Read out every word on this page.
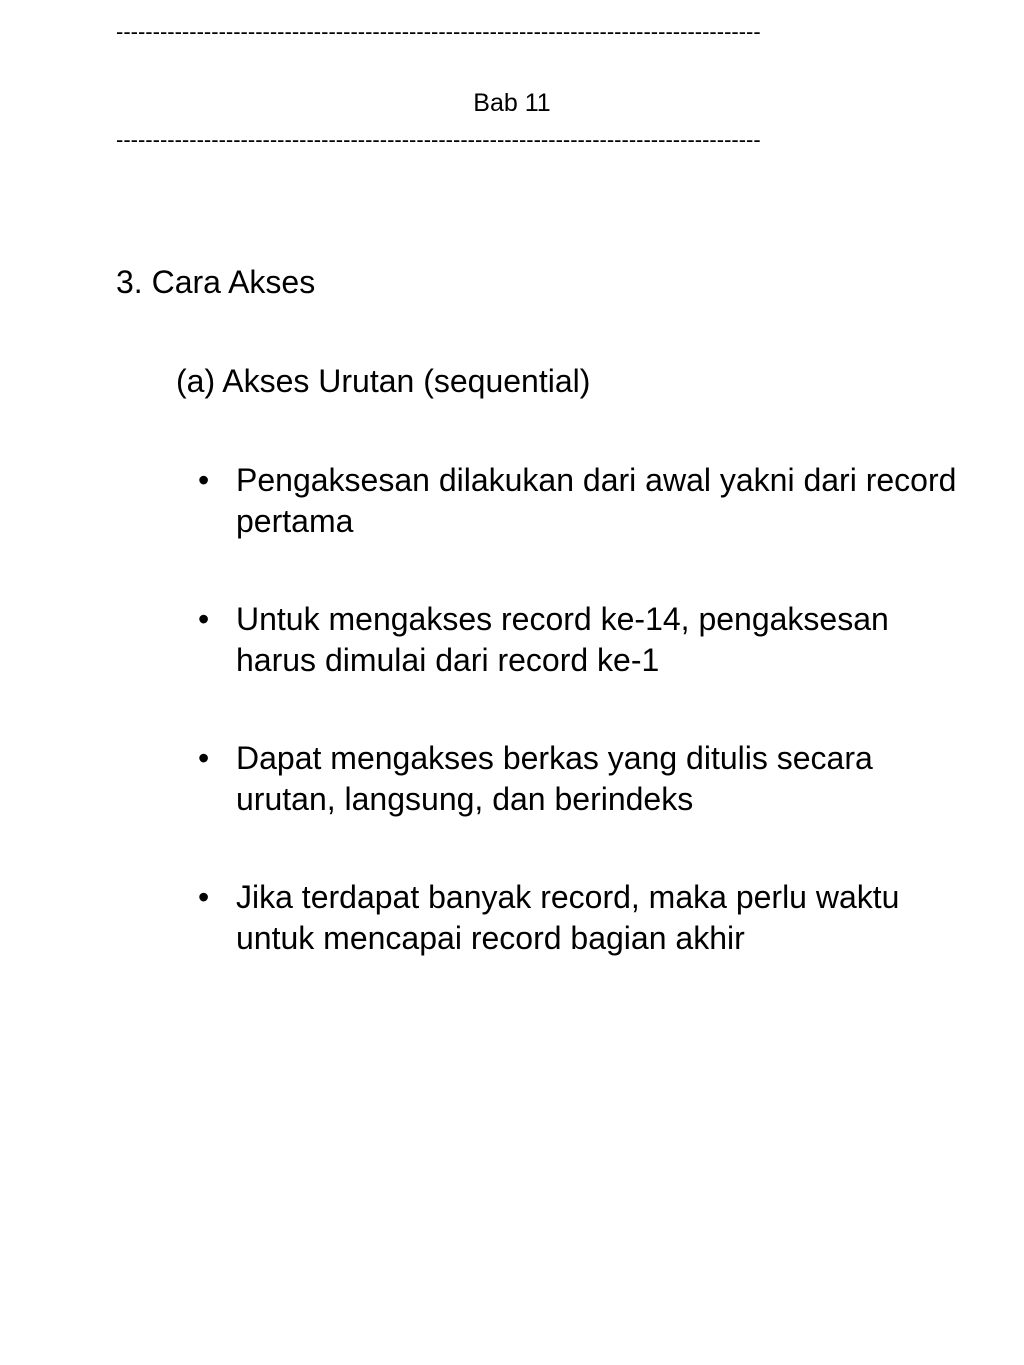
----------------------------------------------------------------------------------------
Bab 11
----------------------------------------------------------------------------------------
3. Cara Akses
(a) Akses Urutan (sequential)
• Pengaksesan dilakukan dari awal yakni dari record pertama
• Untuk mengakses record ke-14, pengaksesan harus dimulai dari record ke-1
• Dapat mengakses berkas yang ditulis secara urutan, langsung, dan berindeks
• Jika terdapat banyak record, maka perlu waktu untuk mencapai record bagian akhir
